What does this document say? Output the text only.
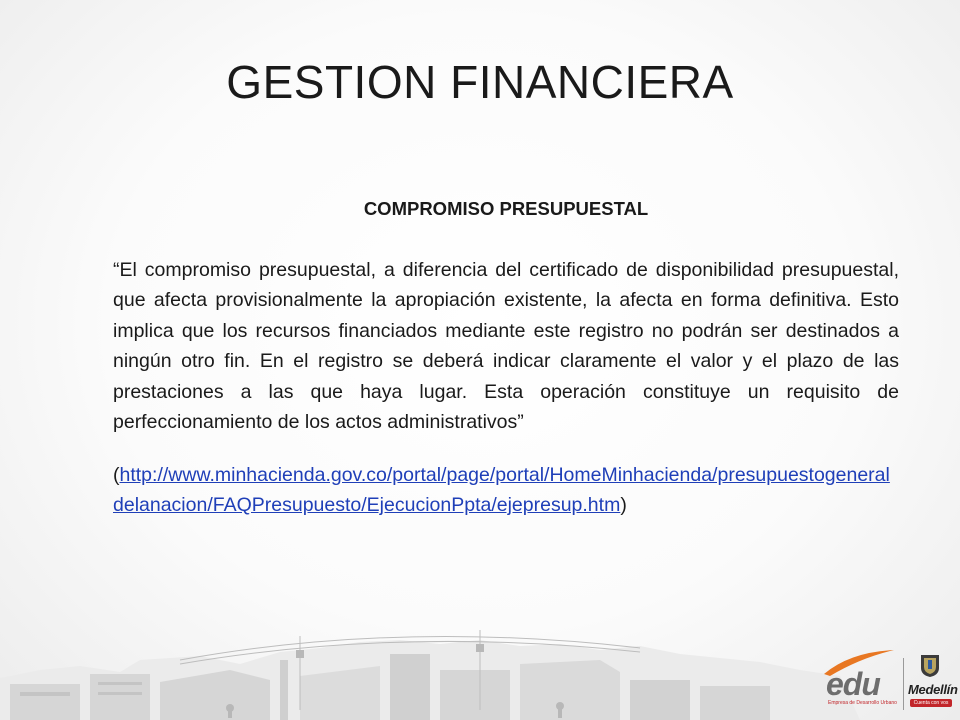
GESTION FINANCIERA

COMPROMISO PRESUPUESTAL

“El compromiso presupuestal, a diferencia del certificado de disponibilidad presupuestal, que afecta provisionalmente la apropiación existente, la afecta en forma definitiva. Esto implica que los recursos financiados mediante este registro no podrán ser destinados a ningún otro fin. En el registro se deberá indicar claramente el valor y el plazo de las prestaciones a las que haya lugar. Esta operación constituye un requisito de perfeccionamiento de los actos administrativos”

(http://www.minhacienda.gov.co/portal/page/portal/HomeMinhacienda/presupuestogeneraldelanacion/FAQPresupuesto/EjecucionPpta/ejepresup.htm)

edu
Empresa de Desarrollo Urbano
Medellín
Cuenta con vos
